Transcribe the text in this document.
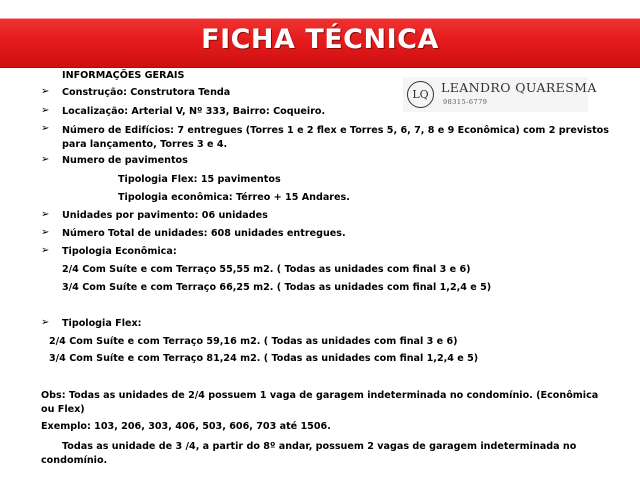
FICHA TÉCNICA
LQ LEANDRO QUARESMA
98315-6779
INFORMAÇÕES GERAIS
➢ Construção: Construtora Tenda
➢ Localização: Arterial V, Nº 333, Bairro: Coqueiro.
➢ Número de Edifícios: 7 entregues (Torres 1 e 2 flex e Torres 5, 6, 7, 8 e 9 Econômica) com 2 previstos para lançamento, Torres 3 e 4.
➢ Numero de pavimentos
Tipologia Flex: 15 pavimentos
Tipologia econômica: Térreo + 15 Andares.
➢ Unidades por pavimento: 06 unidades
➢ Número Total de unidades: 608 unidades entregues.
➢ Tipologia Econômica:
2/4 Com Suíte e com Terraço 55,55 m2. ( Todas as unidades com final 3 e 6)
3/4 Com Suíte e com Terraço 66,25 m2. ( Todas as unidades com final 1,2,4 e 5)
➢ Tipologia Flex:
2/4 Com Suíte e com Terraço 59,16 m2. ( Todas as unidades com final 3 e 6)
3/4 Com Suíte e com Terraço 81,24 m2. ( Todas as unidades com final 1,2,4 e 5)
Obs: Todas as unidades de 2/4 possuem 1 vaga de garagem indeterminada no condomínio. (Econômica ou Flex)
Exemplo: 103, 206, 303, 406, 503, 606, 703 até 1506.
Todas as unidade de 3 /4, a partir do 8º andar, possuem 2 vagas de garagem indeterminada no condomínio.
